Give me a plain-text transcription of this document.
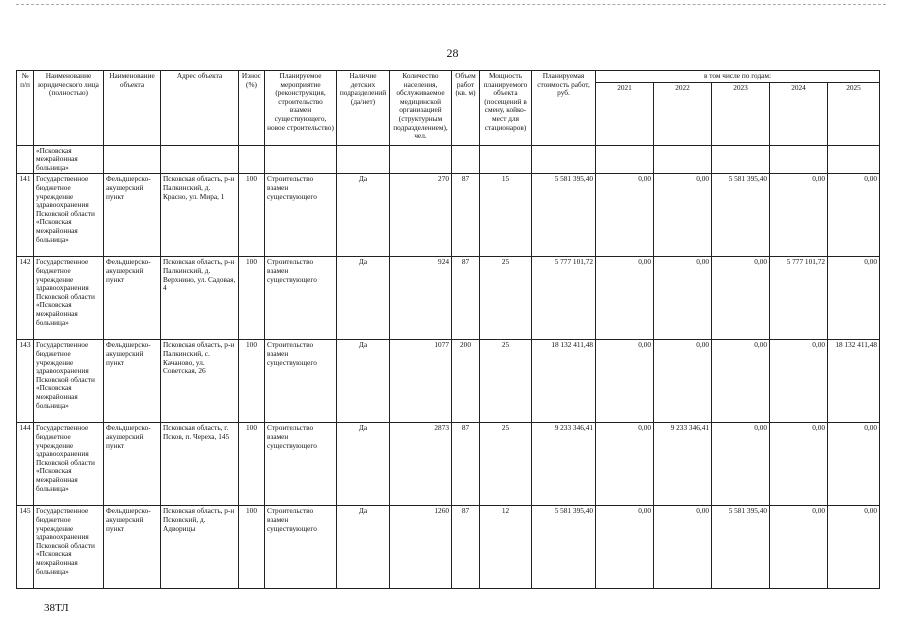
28
№ п/п	Наименование юридического лица (полностью)	Наименование объекта	Адрес объекта	Износ (%)	Планируемое мероприятие (реконструкция, строительство взамен существующего, новое строительство)	Наличие детских подразделений (да/нет)	Количество населения, обслуживаемое медицинской организацией (структурным подразделением), чел.	Объем работ (кв. м)	Мощность планируемого объекта (посещений в смену, койко-мест для стационаров)	Планируемая стоимость работ, руб.	в том числе по годам:				
											2021	2022	2023	2024	2025
	«Псковская межрайонная больница»														
141	Государственное бюджетное учреждение здравоохранения Псковской области «Псковская межрайонная больница»	Фельдшерско-акушерский пункт	Псковская область, р-н Палкинский, д. Красно, ул. Мира, 1	100	Строительство взамен существующего	Да	270	87	15	5 581 395,40	0,00	0,00	5 581 395,40	0,00	0,00
142	Государственное бюджетное учреждение здравоохранения Псковской области «Псковская межрайонная больница»	Фельдшерско-акушерский пункт	Псковская область, р-н Палкинский, д. Верхнино, ул. Садовая, 4	100	Строительство взамен существующего	Да	924	87	25	5 777 101,72	0,00	0,00	0,00	5 777 101,72	0,00
143	Государственное бюджетное учреждение здравоохранения Псковской области «Псковская межрайонная больница»	Фельдшерско-акушерский пункт	Псковская область, р-н Палкинский, с. Качаново, ул. Советская, 26	100	Строительство взамен существующего	Да	1077	200	25	18 132 411,48	0,00	0,00	0,00	0,00	18 132 411,48
144	Государственное бюджетное учреждение здравоохранения Псковской области «Псковская межрайонная больница»	Фельдшерско-акушерский пункт	Псковская область, г. Псков, п. Череха, 145	100	Строительство взамен существующего	Да	2873	87	25	9 233 346,41	0,00	9 233 346,41	0,00	0,00	0,00
145	Государственное бюджетное учреждение здравоохранения Псковской области «Псковская межрайонная больница»	Фельдшерско-акушерский пункт	Псковская область, р-н Псковский, д. Адворицы	100	Строительство взамен существующего	Да	1260	87	12	5 581 395,40	0,00	0,00	5 581 395,40	0,00	0,00
38ТЛ
